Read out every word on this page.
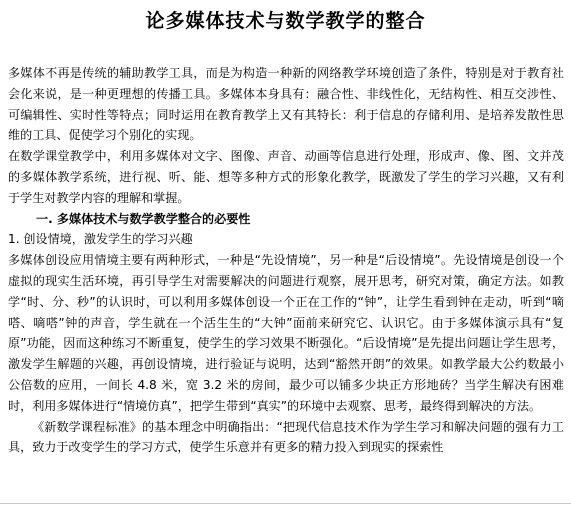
论多媒体技术与数学教学的整合

多媒体不再是传统的辅助教学工具，而是为构造一种新的网络教学环境创造了条件，特别是对于教育社会化来说，是一种更理想的传播工具。多媒体本身具有：融合性、非线性化，无结构性、相互交涉性、可编辑性、实时性等特点；同时运用在教育教学上又有其特长：利于信息的存储利用、是培养发散性思维的工具、促使学习个别化的实现。

在数学课堂教学中，利用多媒体对文字、图像、声音、动画等信息进行处理，形成声、像、图、文并茂的多媒体教学系统，进行视、听、能、想等多种方式的形象化教学，既激发了学生的学习兴趣，又有利于学生对教学内容的理解和掌握。

一. 多媒体技术与数学教学整合的必要性

1. 创设情境，激发学生的学习兴趣

多媒体创设应用情境主要有两种形式，一种是“先设情境”，另一种是“后设情境”。先设情境是创设一个虚拟的现实生活环境，再引导学生对需要解决的问题进行观察，展开思考，研究对策，确定方法。如教学“时、分、秒”的认识时，可以利用多媒体创设一个正在工作的“钟”，让学生看到钟在走动，听到“嘀嗒、嘀嗒”钟的声音，学生就在一个活生生的“大钟”面前来研究它、认识它。由于多媒体演示具有“复原”功能，因而这种练习不断重复，使学生的学习效果不断强化。“后设情境”是先提出问题让学生思考，激发学生解题的兴趣，再创设情境，进行验证与说明，达到“豁然开朗”的效果。如教学最大公约数最小公倍数的应用，一间长 4.8 米，宽 3.2 米的房间，最少可以铺多少块正方形地砖？当学生解决有困难时，利用多媒体进行“情境仿真”，把学生带到“真实”的环境中去观察、思考，最终得到解决的方法。

《新数学课程标准》的基本理念中明确指出：“把现代信息技术作为学生学习和解决问题的强有力工具，致力于改变学生的学习方式，使学生乐意并有更多的精力投入到现实的探索性
